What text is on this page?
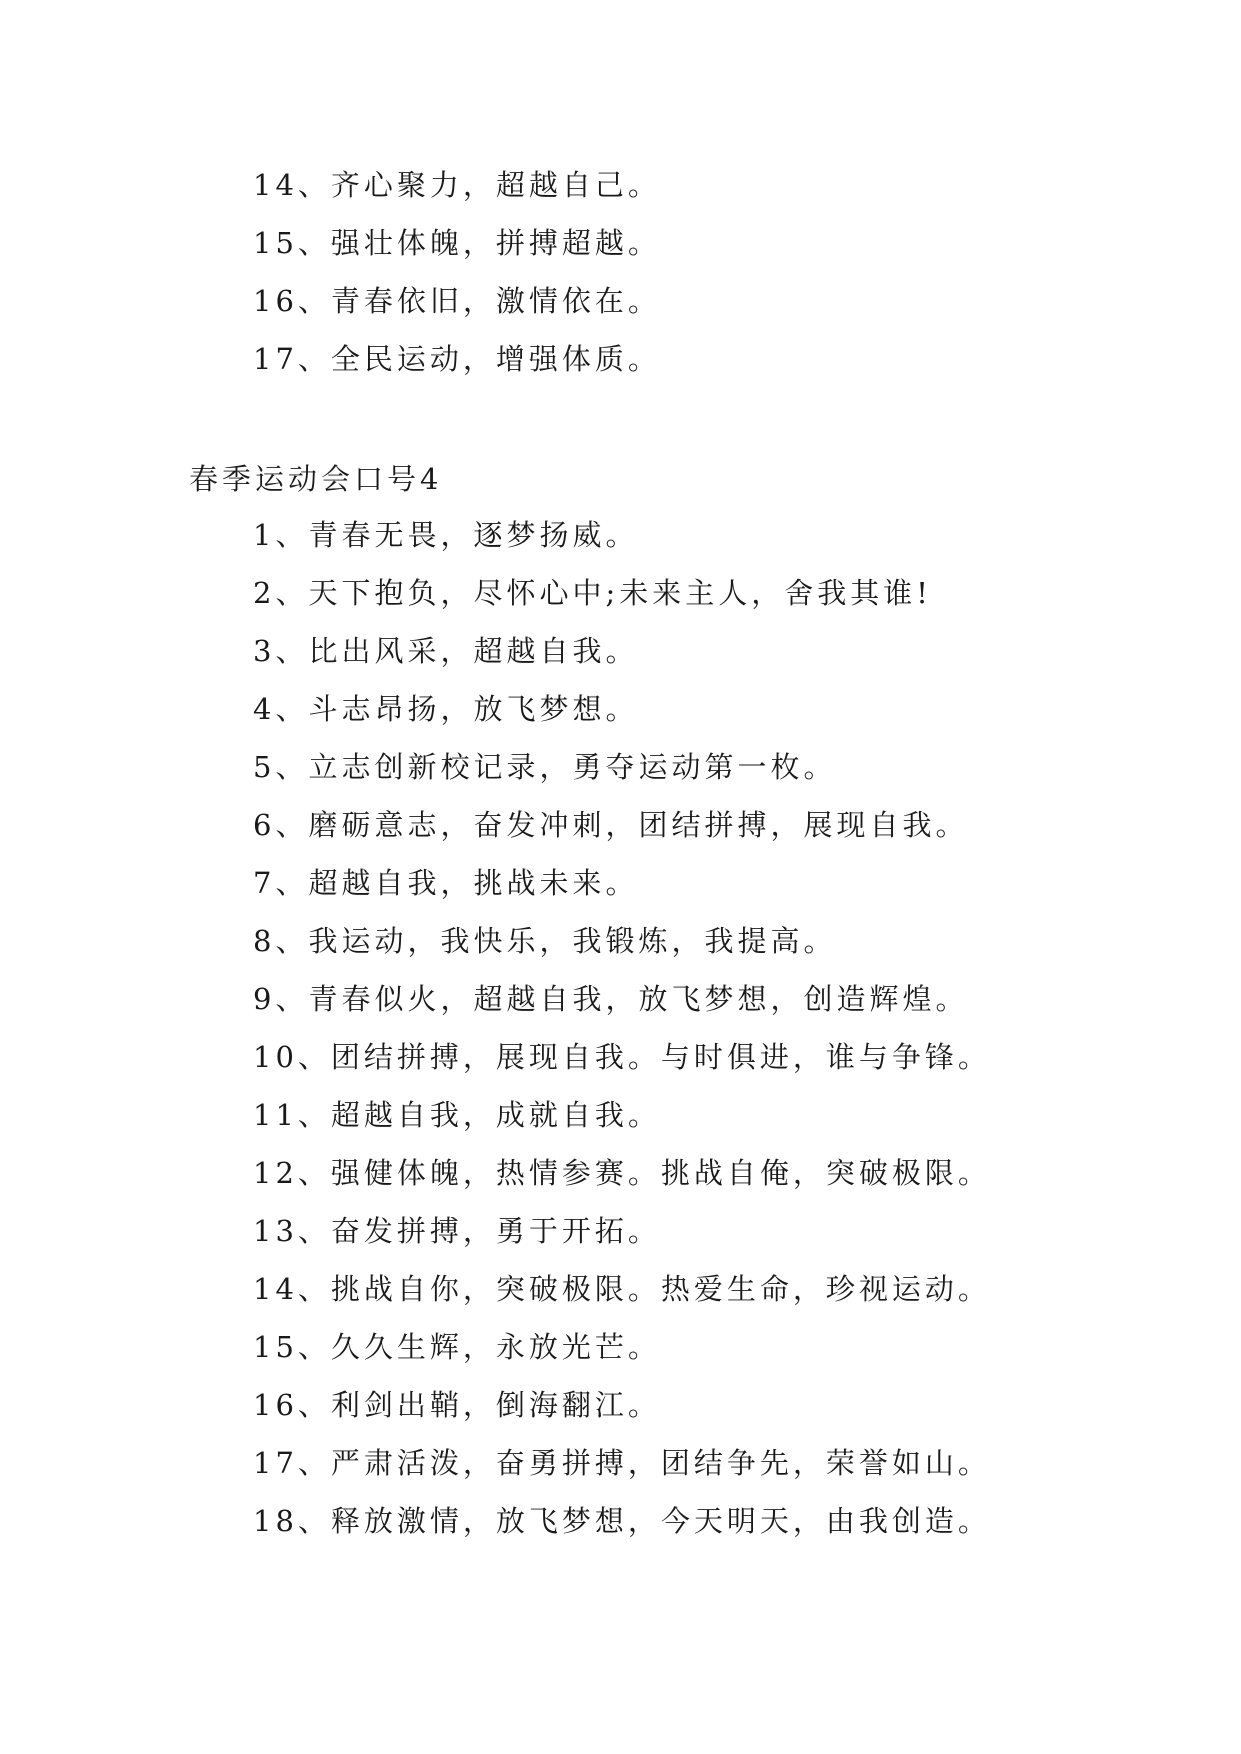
14、齐心聚力，超越自己。
15、强壮体魄，拼搏超越。
16、青春依旧，激情依在。
17、全民运动，增强体质。
春季运动会口号4
1、青春无畏，逐梦扬威。
2、天下抱负，尽怀心中;未来主人，舍我其谁!
3、比出风采，超越自我。
4、斗志昂扬，放飞梦想。
5、立志创新校记录，勇夺运动第一枚。
6、磨砺意志，奋发冲刺，团结拼搏，展现自我。
7、超越自我，挑战未来。
8、我运动，我快乐，我锻炼，我提高。
9、青春似火，超越自我，放飞梦想，创造辉煌。
10、团结拼搏，展现自我。与时俱进，谁与争锋。
11、超越自我，成就自我。
12、强健体魄，热情参赛。挑战自俺，突破极限。
13、奋发拼搏，勇于开拓。
14、挑战自你，突破极限。热爱生命，珍视运动。
15、久久生辉，永放光芒。
16、利剑出鞘，倒海翻江。
17、严肃活泼，奋勇拼搏，团结争先，荣誉如山。
18、释放激情，放飞梦想，今天明天，由我创造。
